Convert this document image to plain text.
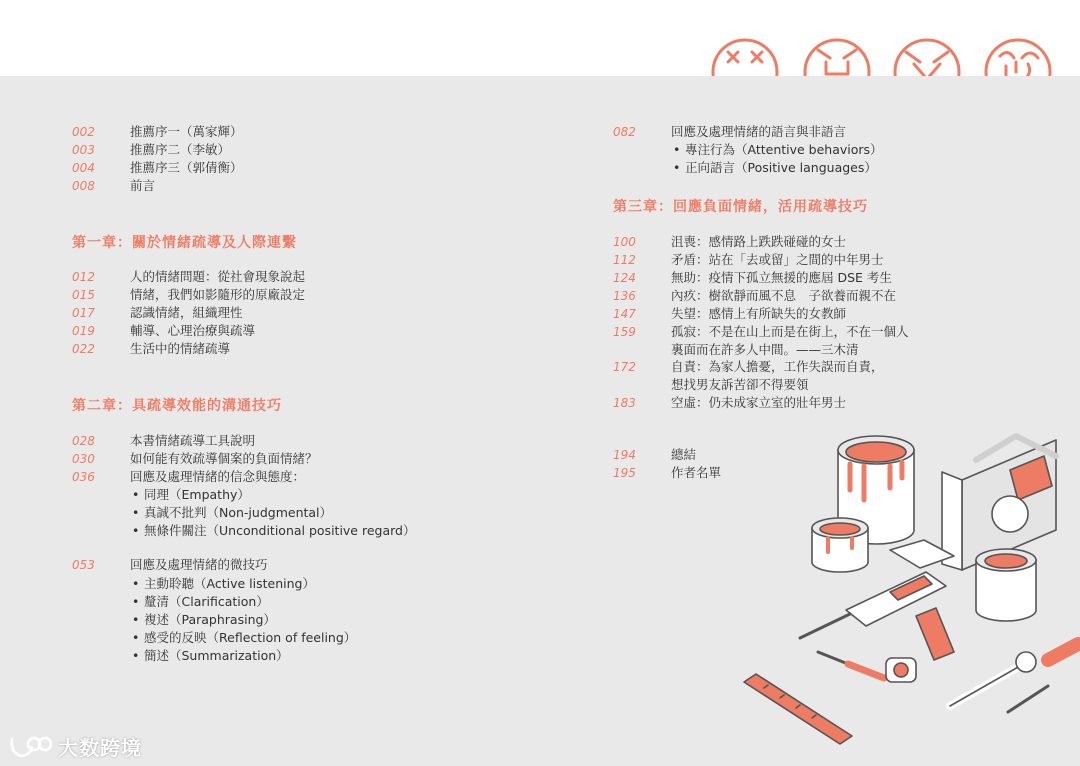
002	推薦序一（萬家輝）
003	推薦序二（李敏）
004	推薦序三（郭倩衡）
008	前言
第一章：關於情緒疏導及人際連繫
012	人的情緒問題：從社會現象說起
015	情緒，我們如影隨形的原廠設定
017	認識情緒，組織理性
019	輔導、心理治療與疏導
022	生活中的情緒疏導
第二章：具疏導效能的溝通技巧
028	本書情緒疏導工具說明
030	如何能有效疏導個案的負面情緒？
036	回應及處理情緒的信念與態度：
• 同理（Empathy）
• 真誠不批判（Non-judgmental）
• 無條件關注（Unconditional positive regard）
053	回應及處理情緒的微技巧
• 主動聆聽（Active listening）
• 釐清（Clarification）
• 複述（Paraphrasing）
• 感受的反映（Reflection of feeling）
• 簡述（Summarization）
082	回應及處理情緒的語言與非語言
• 專注行為（Attentive behaviors）
• 正向語言（Positive languages）
第三章：回應負面情緒，活用疏導技巧
100	沮喪：感情路上跌跌碰碰的女士
112	矛盾：站在「去或留」之間的中年男士
124	無助：疫情下孤立無援的應屆 DSE 考生
136	內疚：樹欲靜而風不息　子欲養而親不在
147	失望：感情上有所缺失的女教師
159	孤寂：不是在山上而是在街上，不在一個人
裏面而在許多人中間。——三木清
172	自責：為家人擔憂，工作失誤而自責，
想找男友訴苦卻不得要領
183	空虛：仍未成家立室的壯年男士
194	總結
195	作者名單
大数跨境
